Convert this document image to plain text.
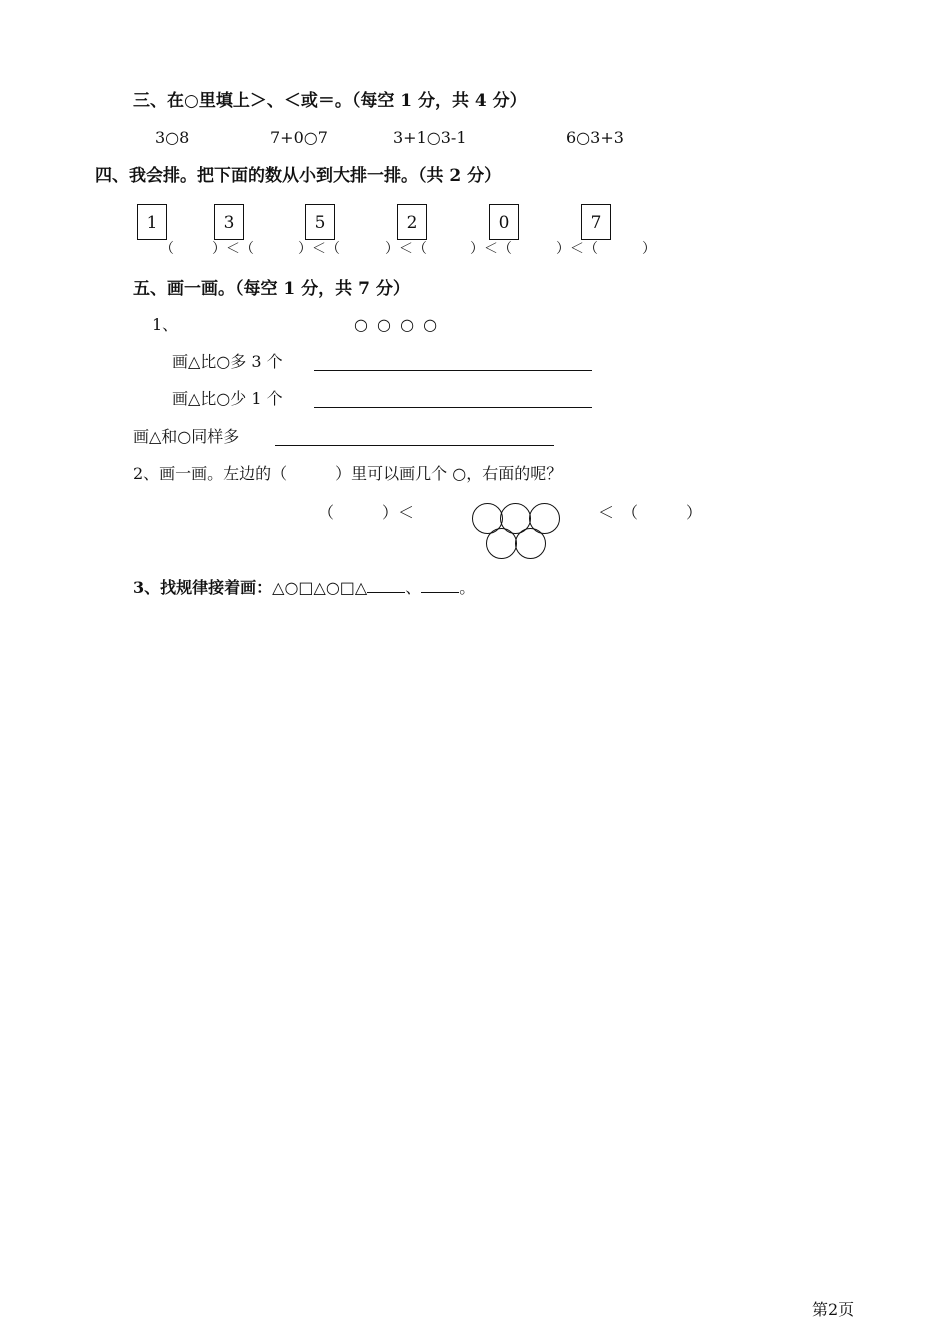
三、在○里填上＞、＜或＝。（每空 1 分，共 4 分）
3○8	7+0○7	3+1○3-1	6○3+3
四、我会排。把下面的数从小到大排一排。（共 2 分）
1	3	5	2	0	7
（	）＜（	）＜（	）＜（	）＜（	）＜（	）
五、画一画。（每空 1 分，共 7 分）
1、	○ ○ ○ ○
画△比○多 3 个
画△比○少 1 个
画△和○同样多
2、画一画。左边的（　　　）里可以画几个 ○，右面的呢？
（　　　）＜	＜　（　　　）
3、找规律接着画：△○□△○□△ 、 。
第2页
